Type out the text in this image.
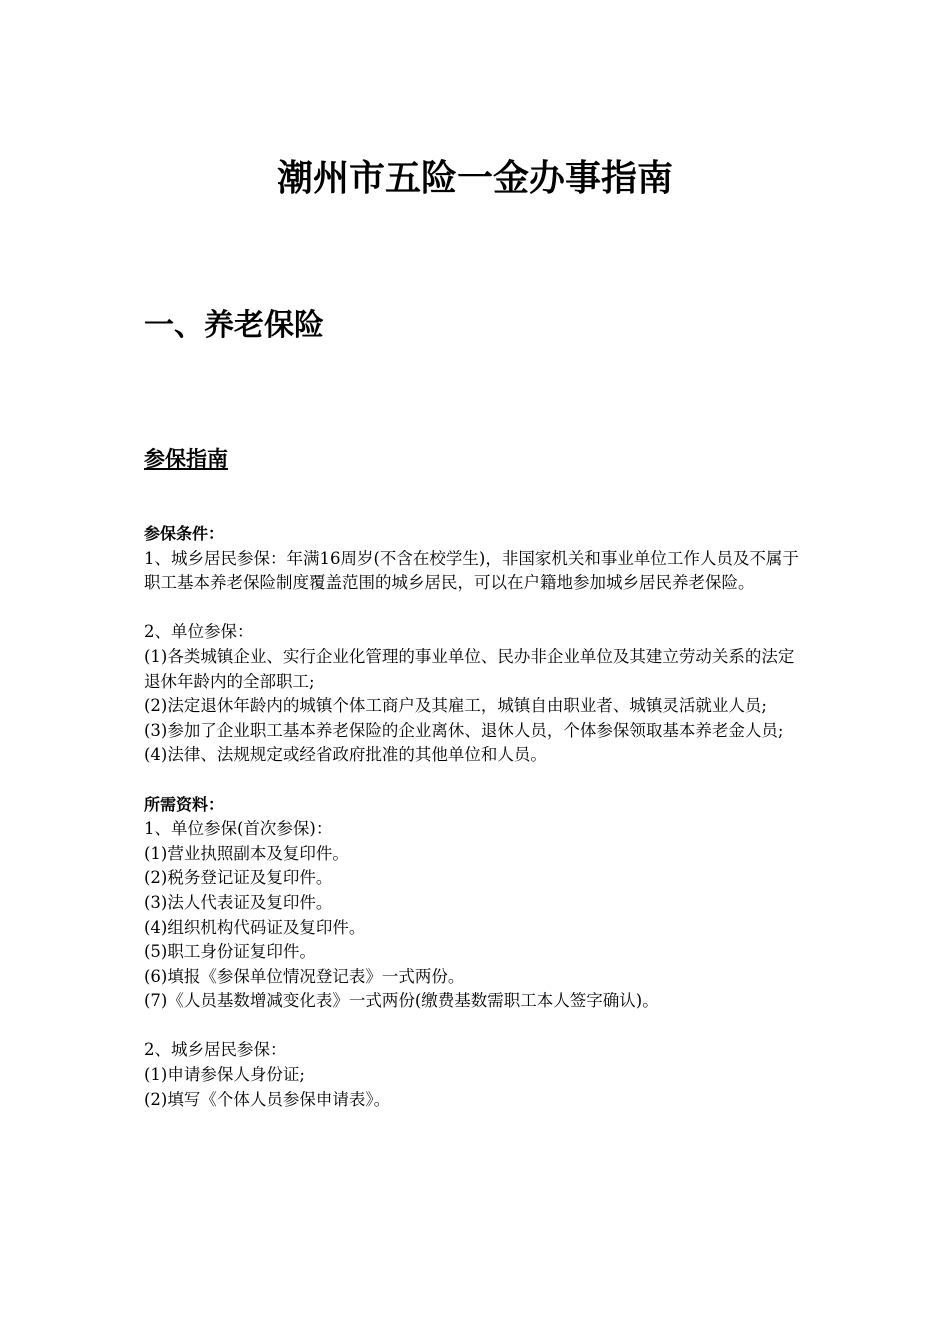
潮州市五险一金办事指南
一、养老保险
参保指南

参保条件：

1、城乡居民参保：年满16周岁(不含在校学生)，非国家机关和事业单位工作人员及不属于职工基本养老保险制度覆盖范围的城乡居民，可以在户籍地参加城乡居民养老保险。

2、单位参保：

(1)各类城镇企业、实行企业化管理的事业单位、民办非企业单位及其建立劳动关系的法定退休年龄内的全部职工;

(2)法定退休年龄内的城镇个体工商户及其雇工，城镇自由职业者、城镇灵活就业人员;

(3)参加了企业职工基本养老保险的企业离休、退休人员，个体参保领取基本养老金人员;

(4)法律、法规规定或经省政府批准的其他单位和人员。

所需资料：

1、单位参保(首次参保)：

(1)营业执照副本及复印件。

(2)税务登记证及复印件。

(3)法人代表证及复印件。

(4)组织机构代码证及复印件。

(5)职工身份证复印件。

(6)填报《参保单位情况登记表》一式两份。

(7)《人员基数增减变化表》一式两份(缴费基数需职工本人签字确认)。

2、城乡居民参保：

(1)申请参保人身份证;

(2)填写《个体人员参保申请表》。
